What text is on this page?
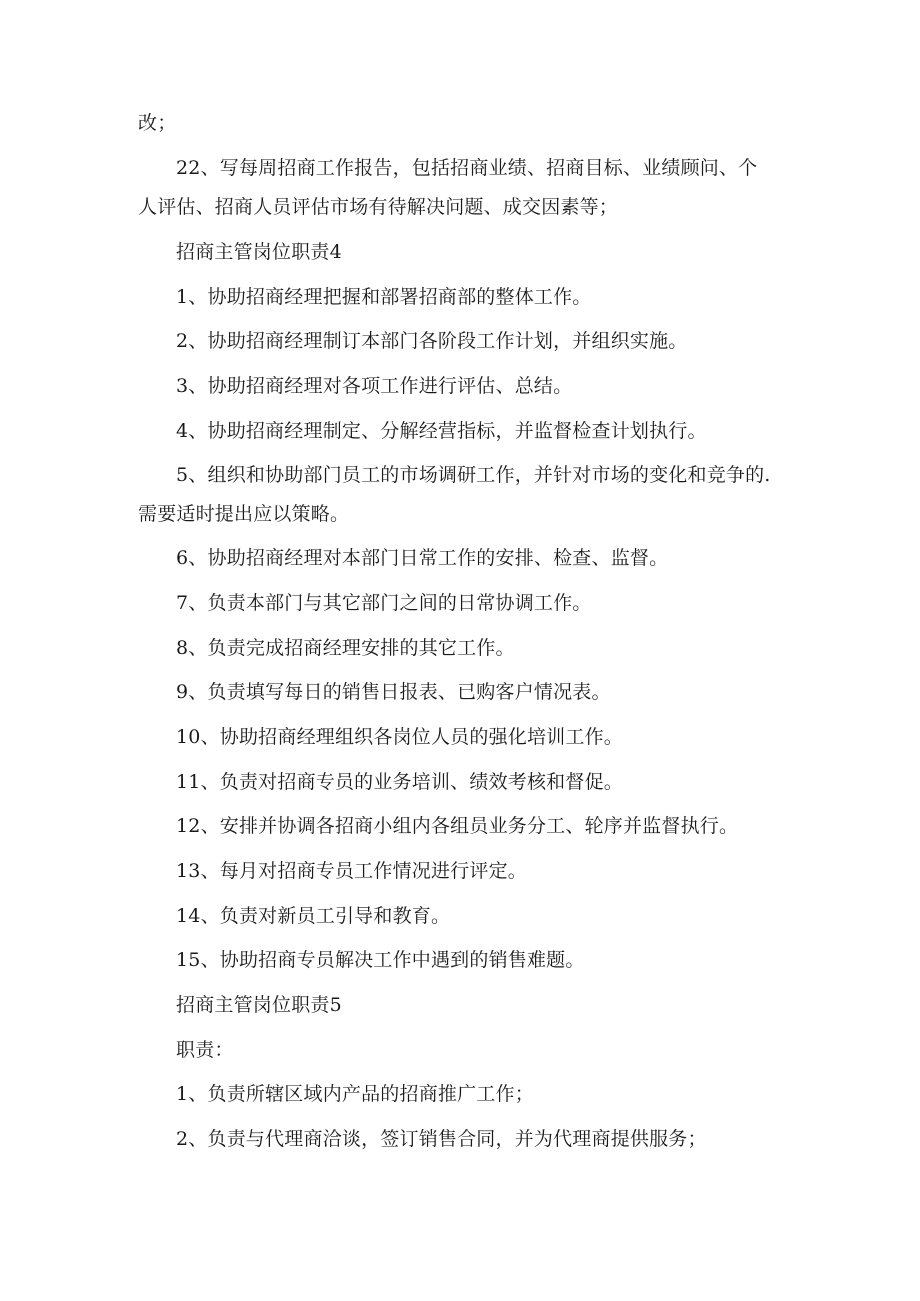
改；
22、写每周招商工作报告，包括招商业绩、招商目标、业绩顾问、个
人评估、招商人员评估市场有待解决问题、成交因素等；
招商主管岗位职责4
1、协助招商经理把握和部署招商部的整体工作。
2、协助招商经理制订本部门各阶段工作计划，并组织实施。
3、协助招商经理对各项工作进行评估、总结。
4、协助招商经理制定、分解经营指标，并监督检查计划执行。
5、组织和协助部门员工的市场调研工作，并针对市场的变化和竞争的.
需要适时提出应以策略。
6、协助招商经理对本部门日常工作的安排、检查、监督。
7、负责本部门与其它部门之间的日常协调工作。
8、负责完成招商经理安排的其它工作。
9、负责填写每日的销售日报表、已购客户情况表。
10、协助招商经理组织各岗位人员的强化培训工作。
11、负责对招商专员的业务培训、绩效考核和督促。
12、安排并协调各招商小组内各组员业务分工、轮序并监督执行。
13、每月对招商专员工作情况进行评定。
14、负责对新员工引导和教育。
15、协助招商专员解决工作中遇到的销售难题。
招商主管岗位职责5
职责：
1、负责所辖区域内产品的招商推广工作；
2、负责与代理商洽谈，签订销售合同，并为代理商提供服务；
